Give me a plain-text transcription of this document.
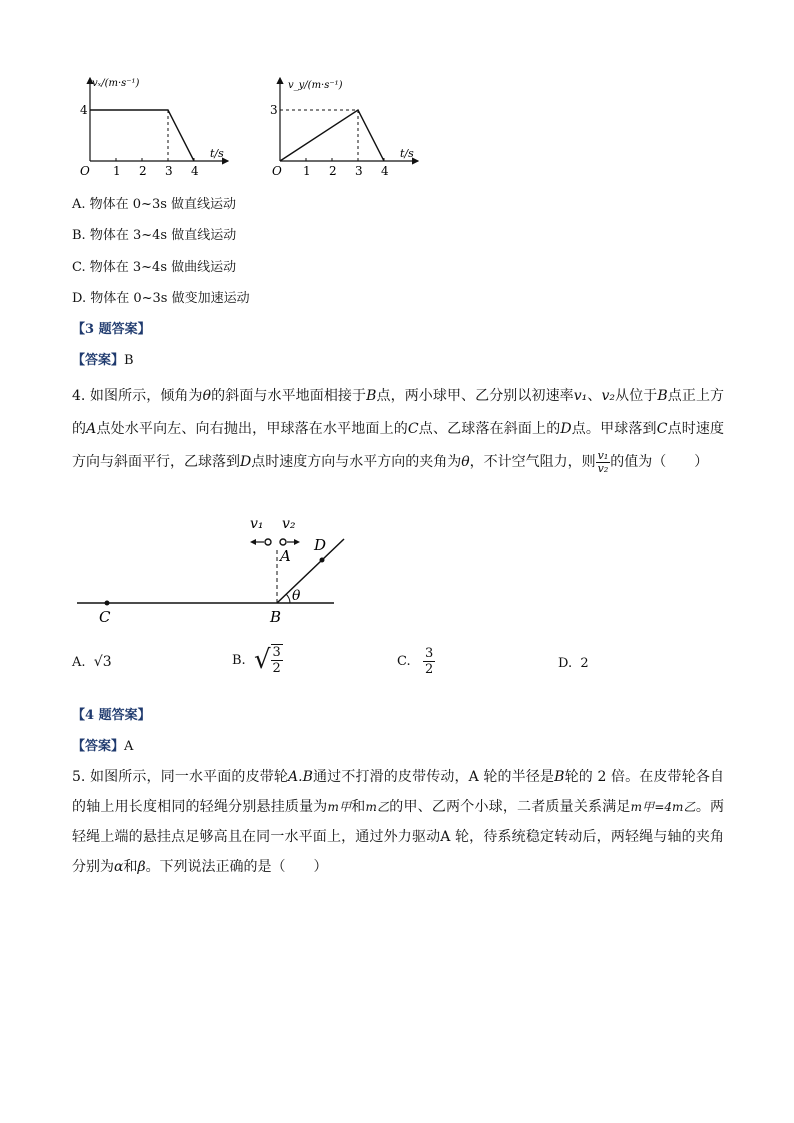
vₓ/(m·s⁻¹)
t/s
O 1 2 3 4
4
v_y/(m·s⁻¹)
t/s
O 1 2 3 4
3
A. 物体在 0~3s 做直线运动
B. 物体在 3~4s 做直线运动
C. 物体在 3~4s 做曲线运动
D. 物体在 0~3s 做变加速运动
【3 题答案】
【答案】B
4. 如图所示，倾角为θ的斜面与水平地面相接于B点，两小球甲、乙分别以初速率v₁、v₂从位于B点正上方的A点处水平向左、向右抛出，甲球落在水平地面上的C点、乙球落在斜面上的D点。甲球落到C点时速度方向与斜面平行，乙球落到D点时速度方向与水平方向的夹角为θ，不计空气阻力，则 $\frac{\text{v₁}}{\text{v₂}}$ 的值为（　　）
v₁ v₂
A
B
C
D
θ
A. √3	B.
√ $\frac{3}{2}$	C.
$\frac{3}{2}$	D. 2
【4 题答案】
【答案】A
5. 如图所示，同一水平面的皮带轮A.B通过不打滑的皮带传动，A 轮的半径是B轮的 2 倍。在皮带轮各自的轴上用长度相同的轻绳分别悬挂质量为m甲和m乙的甲、乙两个小球，二者质量关系满足m甲=4m乙。两轻绳上端的悬挂点足够高且在同一水平面上，通过外力驱动A 轮，待系统稳定转动后，两轻绳与轴的夹角分别为α和β。下列说法正确的是（　　）
